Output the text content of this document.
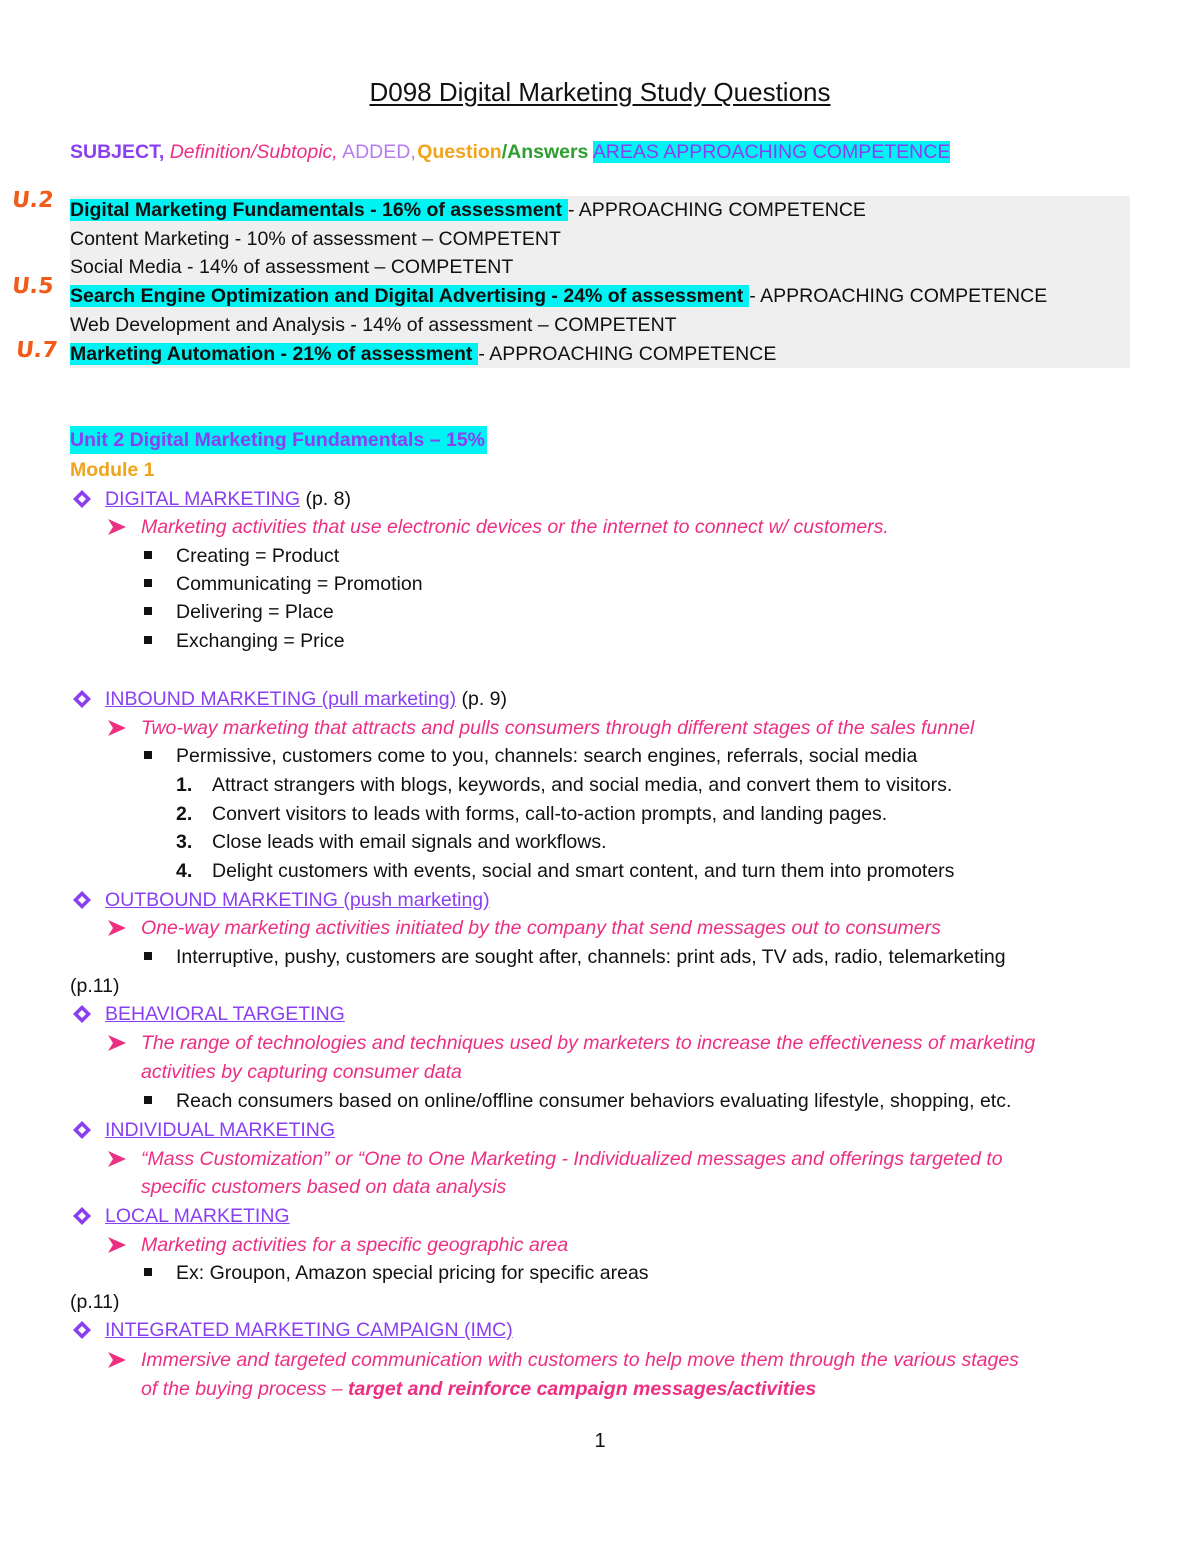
D098 Digital Marketing Study Questions
SUBJECT, Definition/Subtopic, ADDED, Question/Answers AREAS APPROACHING COMPETENCE
U.2
U.5
U.7
Digital Marketing Fundamentals - 16% of assessment - APPROACHING COMPETENCE
Content Marketing - 10% of assessment – COMPETENT
Social Media - 14% of assessment – COMPETENT
Search Engine Optimization and Digital Advertising - 24% of assessment - APPROACHING COMPETENCE
Web Development and Analysis - 14% of assessment – COMPETENT
Marketing Automation - 21% of assessment - APPROACHING COMPETENCE
Unit 2 Digital Marketing Fundamentals – 15%
Module 1
DIGITAL MARKETING (p. 8)
Marketing activities that use electronic devices or the internet to connect w/ customers.
Creating = Product
Communicating = Promotion
Delivering = Place
Exchanging = Price
INBOUND MARKETING (pull marketing) (p. 9)
Two-way marketing that attracts and pulls consumers through different stages of the sales funnel
Permissive, customers come to you, channels: search engines, referrals, social media
1. Attract strangers with blogs, keywords, and social media, and convert them to visitors.
2. Convert visitors to leads with forms, call-to-action prompts, and landing pages.
3. Close leads with email signals and workflows.
4. Delight customers with events, social and smart content, and turn them into promoters
OUTBOUND MARKETING (push marketing)
One-way marketing activities initiated by the company that send messages out to consumers
Interruptive, pushy, customers are sought after, channels: print ads, TV ads, radio, telemarketing
(p.11)
BEHAVIORAL TARGETING
The range of technologies and techniques used by marketers to increase the effectiveness of marketing
activities by capturing consumer data
Reach consumers based on online/offline consumer behaviors evaluating lifestyle, shopping, etc.
INDIVIDUAL MARKETING
“Mass Customization” or “One to One Marketing - Individualized messages and offerings targeted to
specific customers based on data analysis
LOCAL MARKETING
Marketing activities for a specific geographic area
Ex: Groupon, Amazon special pricing for specific areas
(p.11)
INTEGRATED MARKETING CAMPAIGN (IMC)
Immersive and targeted communication with customers to help move them through the various stages
of the buying process – target and reinforce campaign messages/activities
1
